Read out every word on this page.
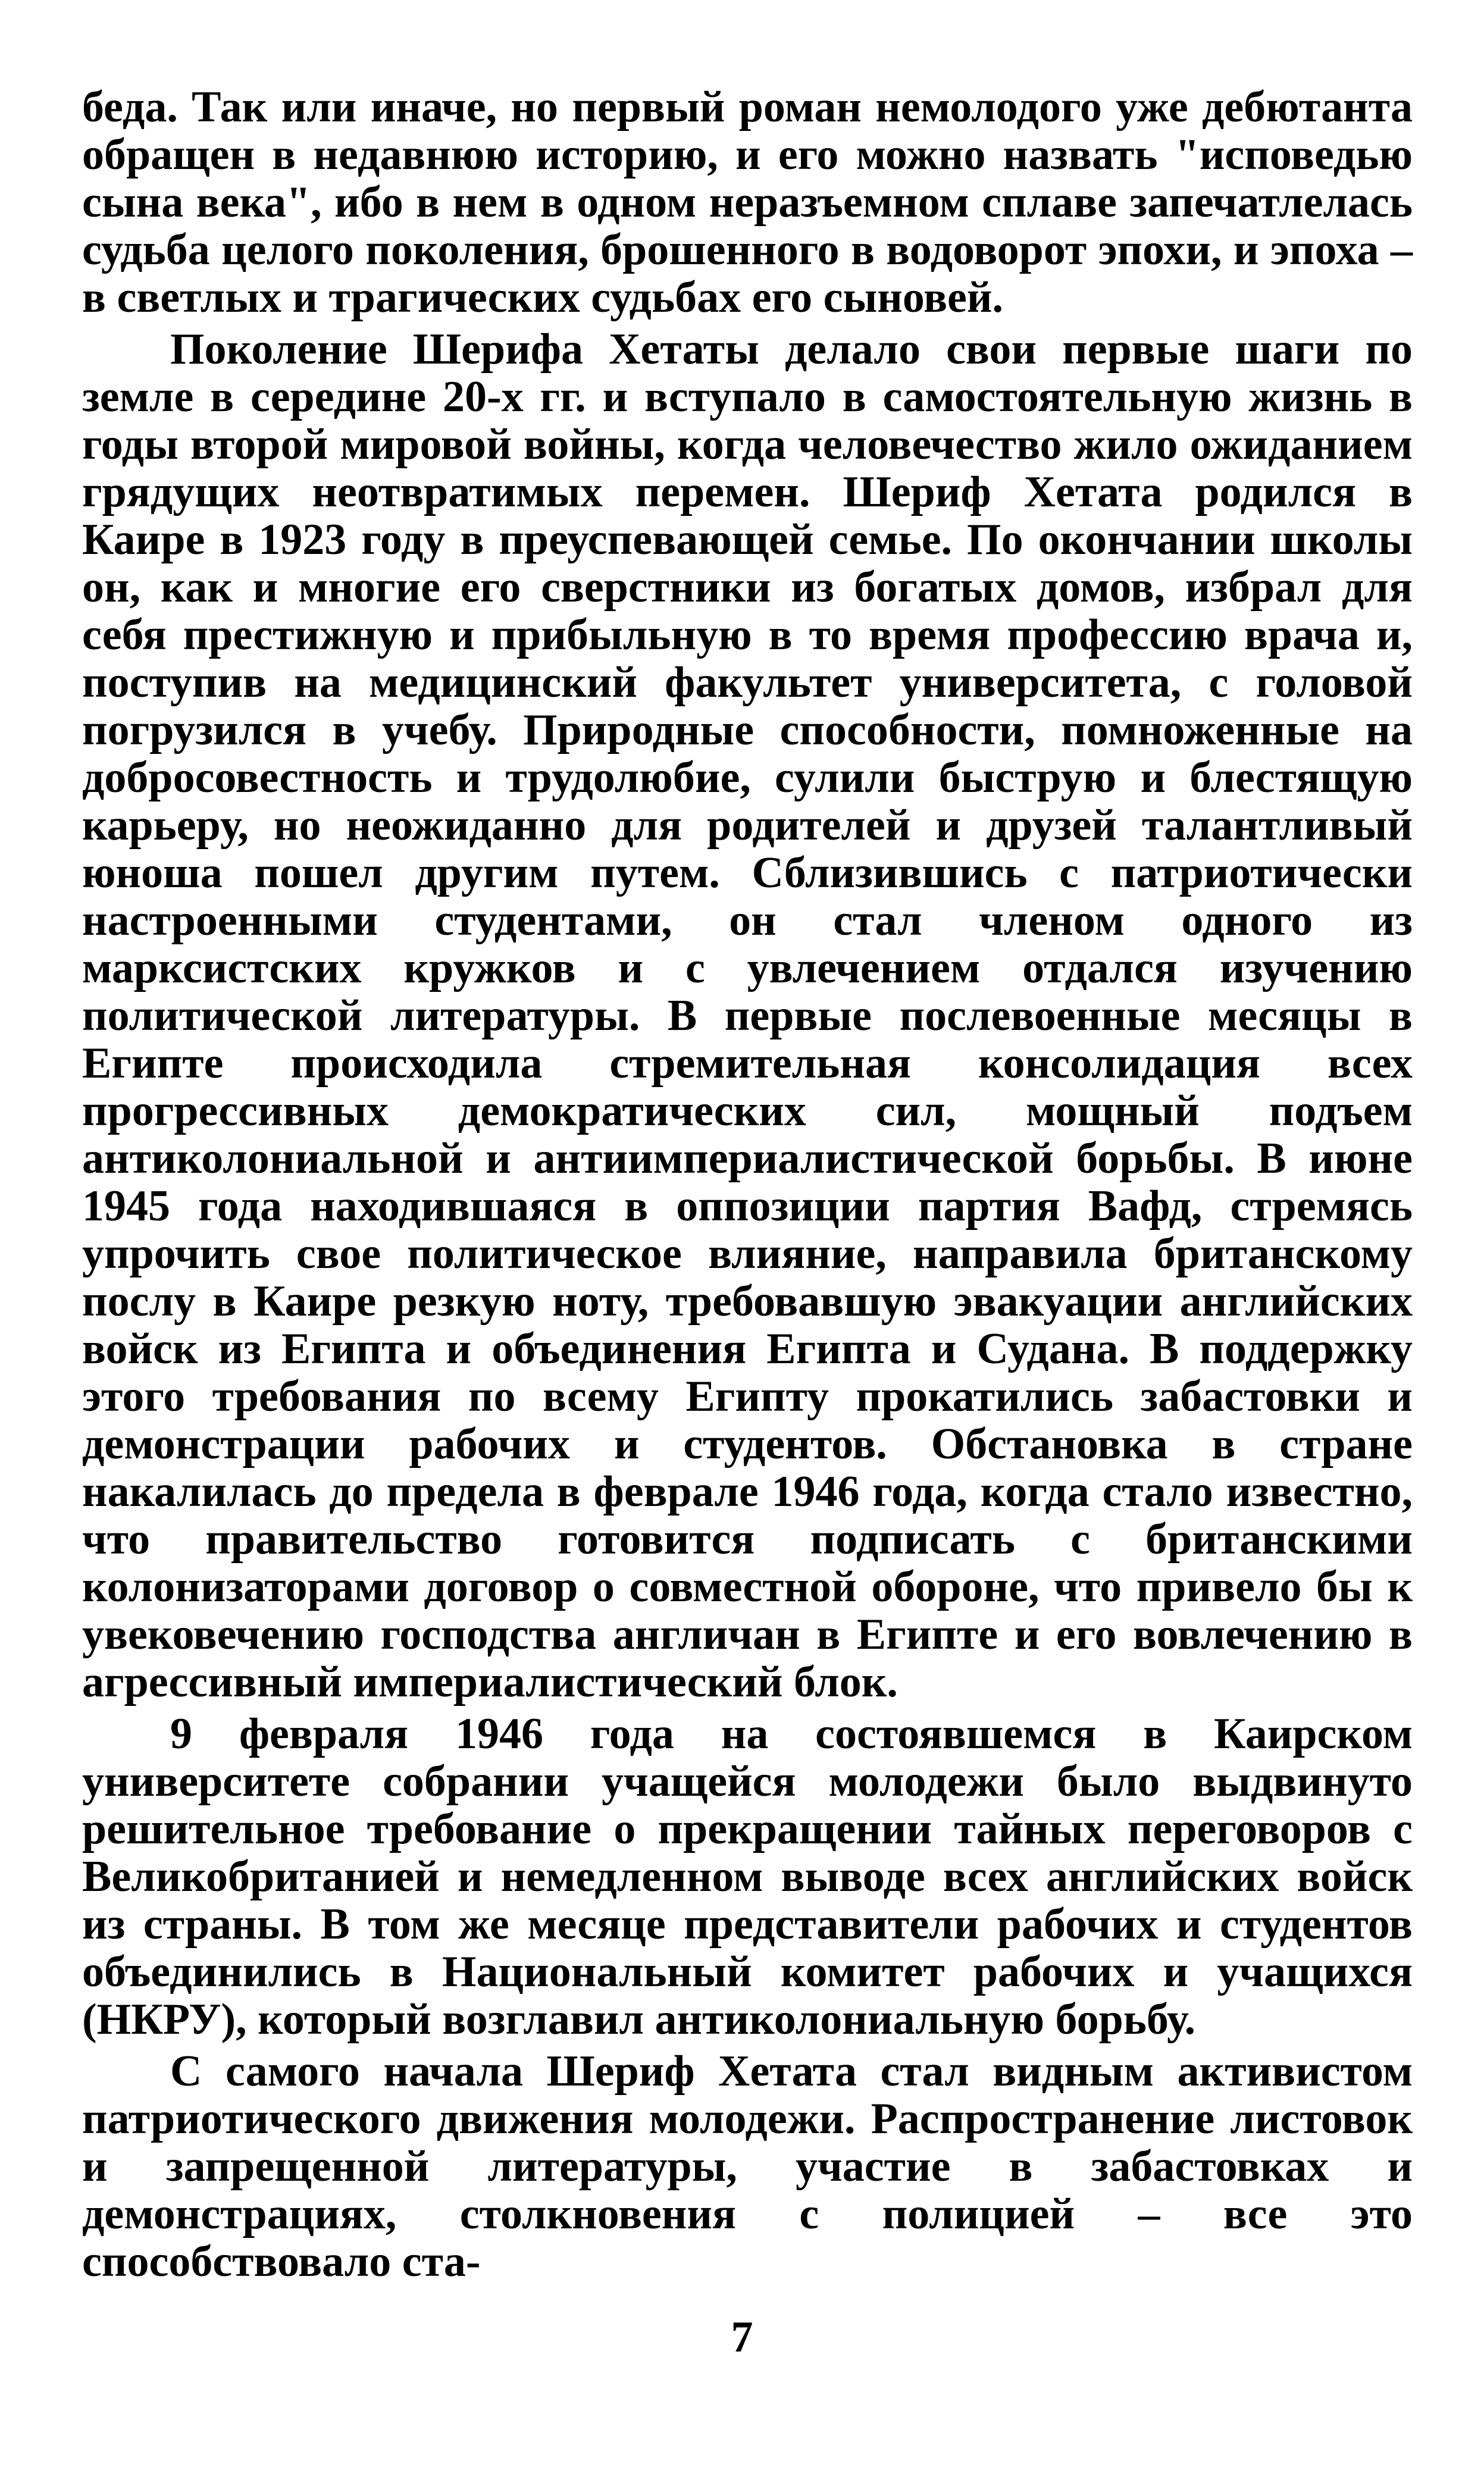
беда. Так или иначе, но первый роман немолодого уже дебютанта обращен в недавнюю историю, и его можно назвать "исповедью сына века", ибо в нем в одном неразъемном сплаве запечатлелась судьба целого поколения, брошенного в водоворот эпохи, и эпоха – в светлых и трагических судьбах его сыновей.

Поколение Шерифа Хетаты делало свои первые шаги по земле в середине 20-х гг. и вступало в самостоятельную жизнь в годы второй мировой войны, когда человечество жило ожиданием грядущих неотвратимых перемен. Шериф Хетата родился в Каире в 1923 году в преуспевающей семье. По окончании школы он, как и многие его сверстники из богатых домов, избрал для себя престижную и прибыльную в то время профессию врача и, поступив на медицинский факультет университета, с головой погрузился в учебу. Природные способности, помноженные на добросовестность и трудолюбие, сулили быструю и блестящую карьеру, но неожиданно для родителей и друзей талантливый юноша пошел другим путем. Сблизившись с патриотически настроенными студентами, он стал членом одного из марксистских кружков и с увлечением отдался изучению политической литературы. В первые послевоенные месяцы в Египте происходила стремительная консолидация всех прогрессивных демократических сил, мощный подъем антиколониальной и антиимпериалистической борьбы. В июне 1945 года находившаяся в оппозиции партия Вафд, стремясь упрочить свое политическое влияние, направила британскому послу в Каире резкую ноту, требовавшую эвакуации английских войск из Египта и объединения Египта и Судана. В поддержку этого требования по всему Египту прокатились забастовки и демонстрации рабочих и студентов. Обстановка в стране накалилась до предела в феврале 1946 года, когда стало известно, что правительство готовится подписать с британскими колонизаторами договор о совместной обороне, что привело бы к увековечению господства англичан в Египте и его вовлечению в агрессивный империалистический блок.

9 февраля 1946 года на состоявшемся в Каирском университете собрании учащейся молодежи было выдвинуто решительное требование о прекращении тайных переговоров с Великобританией и немедленном выводе всех английских войск из страны. В том же месяце представители рабочих и студентов объединились в Национальный комитет рабочих и учащихся (НКРУ), который возглавил антиколониальную борьбу.

С самого начала Шериф Хетата стал видным активистом патриотического движения молодежи. Распространение листовок и запрещенной литературы, участие в забастовках и демонстрациях, столкновения с полицией – все это способствовало ста-

7
